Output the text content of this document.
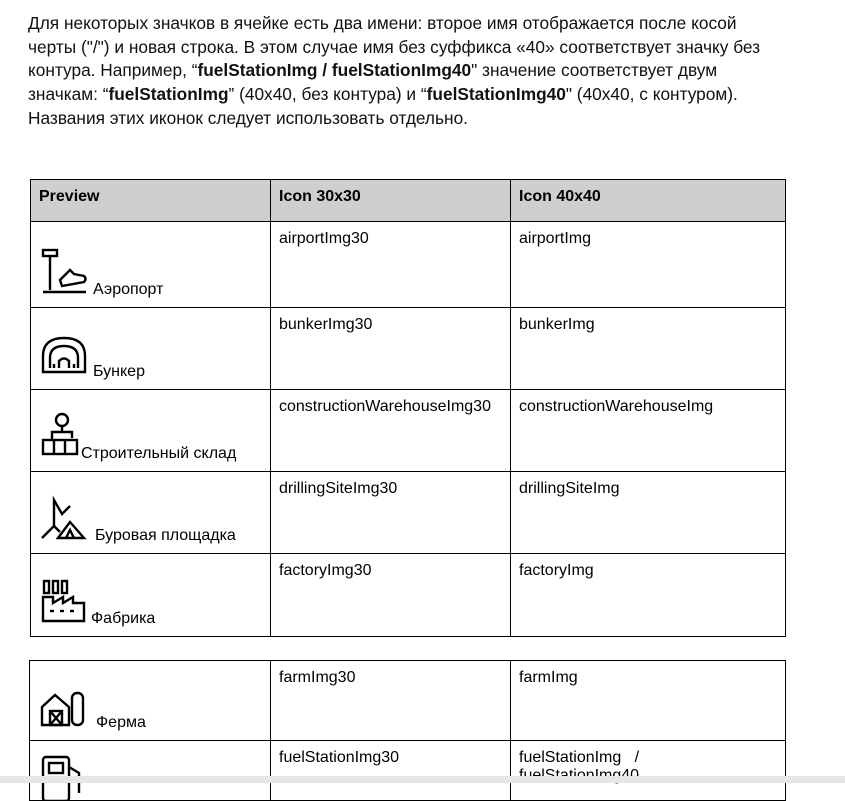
Для некоторых значков в ячейке есть два имени: второе имя отображается после косой черты ("/") и новая строка. В этом случае имя без суффикса «40» соответствует значку без контура. Например, “fuelStationImg / fuelStationImg40" значение соответствует двум значкам: “fuelStationImg” (40x40, без контура) и “fuelStationImg40" (40x40, с контуром). Названия этих иконок следует использовать отдельно.
Preview	Icon 30x30	Icon 40x40

Аэропорт	airportImg30	airportImg

Бункер	bunkerImg30	bunkerImg

Строительный склад	constructionWarehouseImg30	constructionWarehouseImg

Буровая площадка	drillingSiteImg30	drillingSiteImg

Фабрика	factoryImg30	factoryImg
Ферма	farmImg30	farmImg

	fuelStationImg30	fuelStationImg   /
